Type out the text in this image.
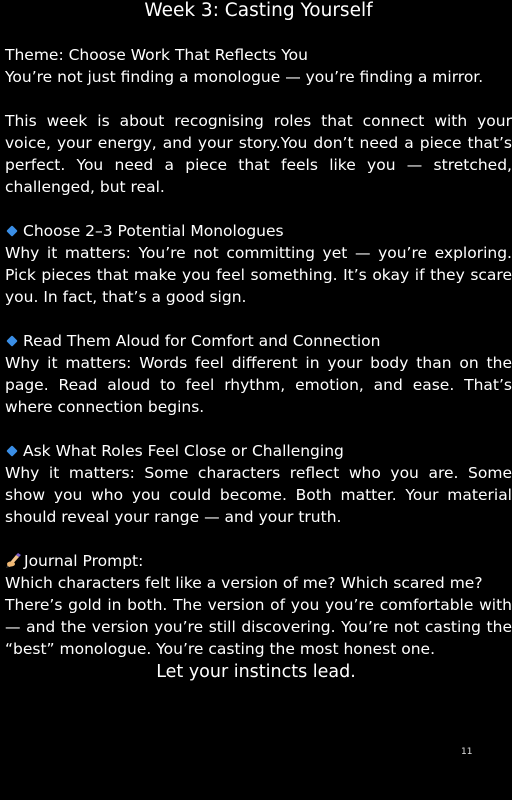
Week 3: Casting Yourself

Theme: Choose Work That Reflects You

You’re not just finding a monologue — you’re finding a mirror.

This week is about recognising roles that connect with your voice, your energy, and your story.You don’t need a piece that’s perfect. You need a piece that feels like you — stretched, challenged, but real.

Choose 2–3 Potential Monologues

Why it matters: You’re not committing yet — you’re exploring. Pick pieces that make you feel something. It’s okay if they scare you. In fact, that’s a good sign.

Read Them Aloud for Comfort and Connection

Why it matters: Words feel different in your body than on the page. Read aloud to feel rhythm, emotion, and ease. That’s where connection begins.

Ask What Roles Feel Close or Challenging

Why it matters: Some characters reflect who you are. Some show you who you could become. Both matter. Your material should reveal your range — and your truth.

Journal Prompt:

Which characters felt like a version of me? Which scared me?

There’s gold in both. The version of you you’re comfortable with — and the version you’re still discovering. You’re not casting the “best” monologue. You’re casting the most honest one.

Let your instincts lead.

11
